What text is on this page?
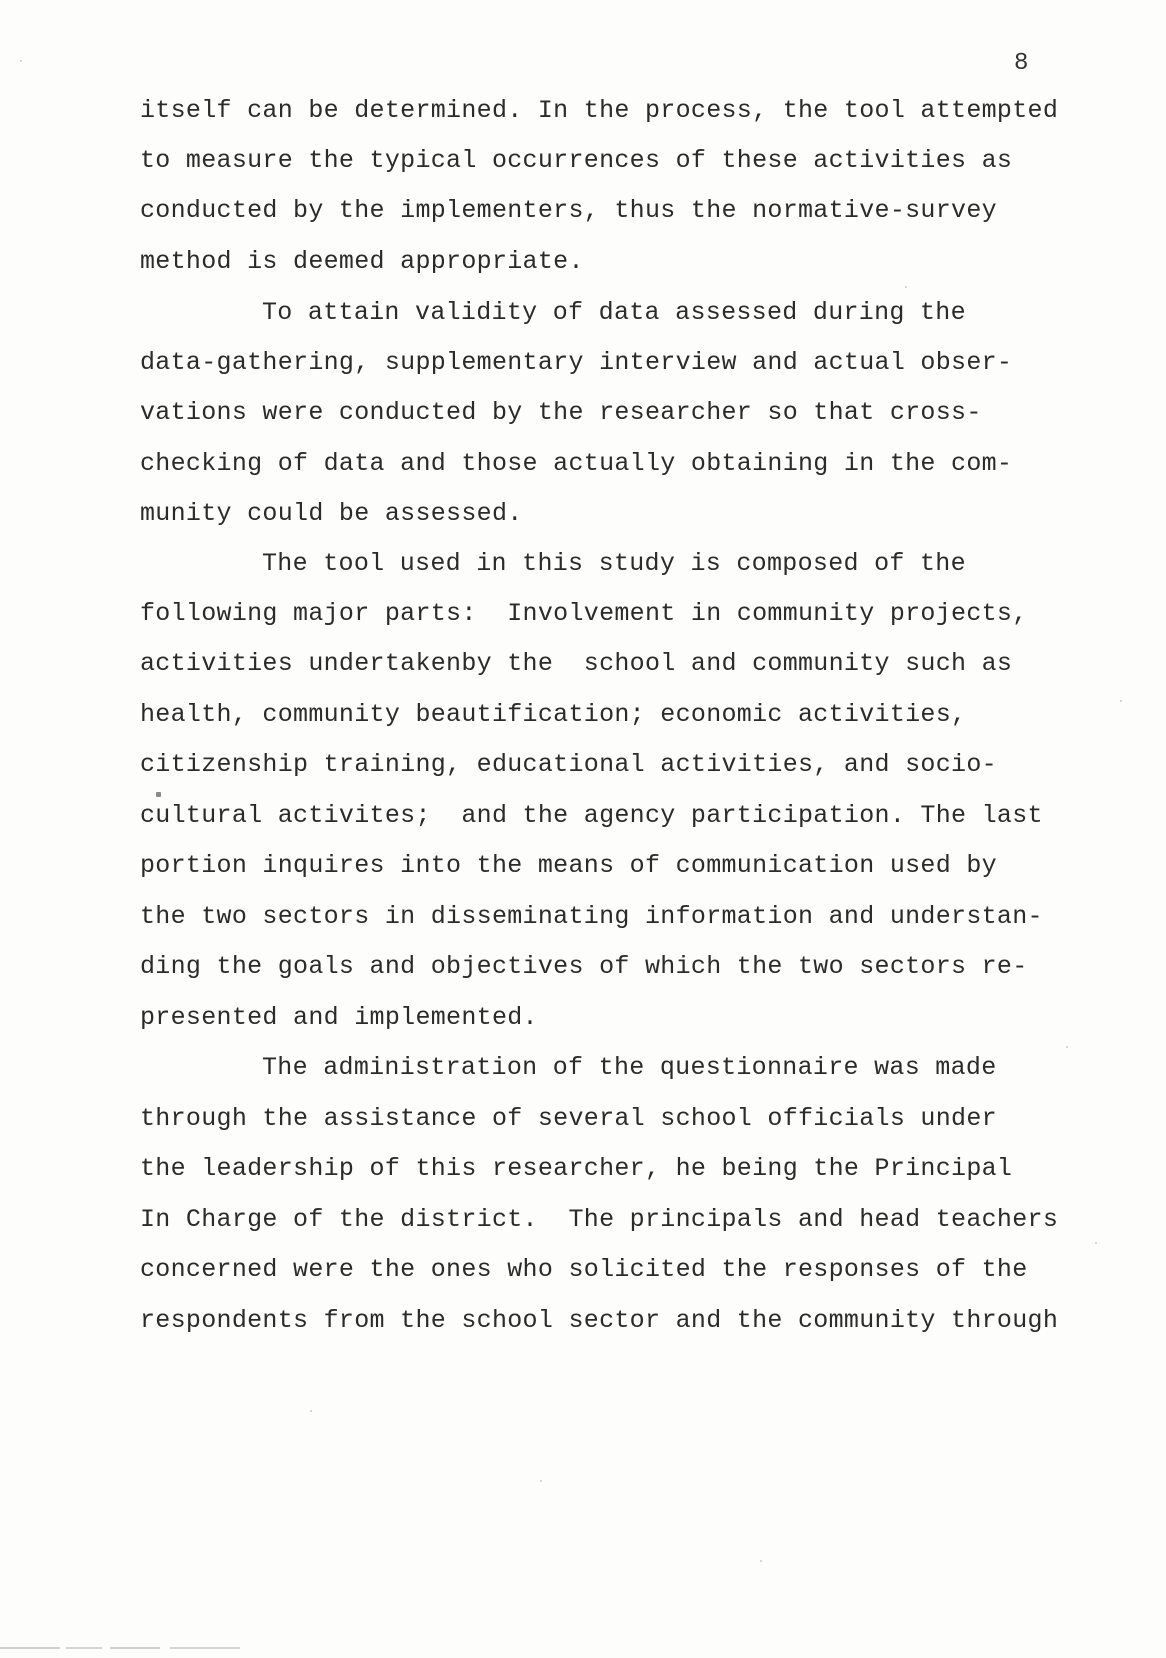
8
itself can be determined. In the process, the tool attempted
to measure the typical occurrences of these activities as
conducted by the implementers, thus the normative-survey
method is deemed appropriate.
To attain validity of data assessed during the
data-gathering, supplementary interview and actual obser-
vations were conducted by the researcher so that cross-
checking of data and those actually obtaining in the com-
munity could be assessed.
The tool used in this study is composed of the
following major parts:  Involvement in community projects,
activities undertakenby the  school and community such as
health, community beautification; economic activities,
citizenship training, educational activities, and socio-
cultural activites;  and the agency participation. The last
portion inquires into the means of communication used by
the two sectors in disseminating information and understan-
ding the goals and objectives of which the two sectors re-
presented and implemented.
The administration of the questionnaire was made
through the assistance of several school officials under
the leadership of this researcher, he being the Principal
In Charge of the district.  The principals and head teachers
concerned were the ones who solicited the responses of the
respondents from the school sector and the community through
